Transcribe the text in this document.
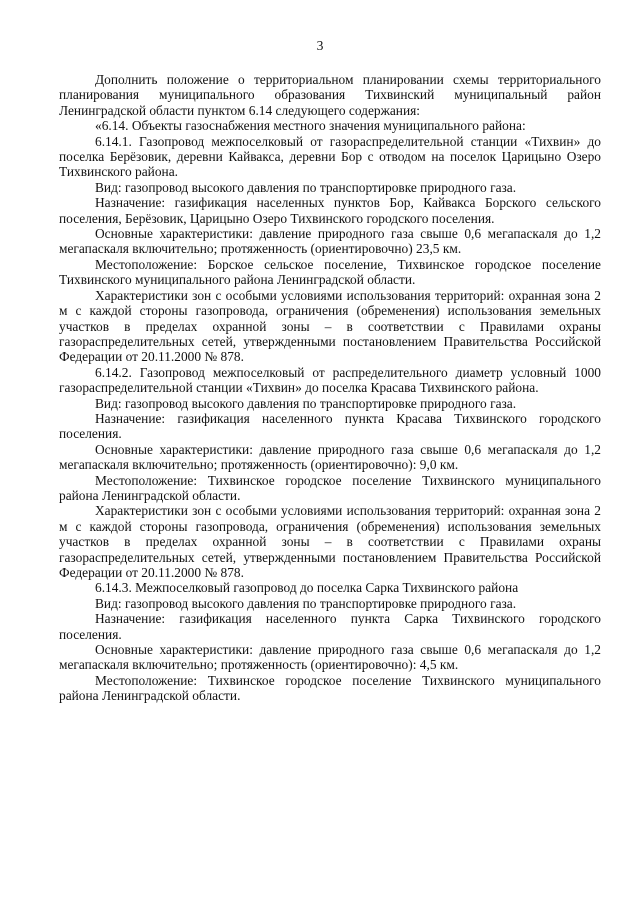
3

Дополнить положение о территориальном планировании схемы территориального планирования муниципального образования Тихвинский муниципальный район Ленинградской области пунктом 6.14 следующего содержания:

«6.14. Объекты газоснабжения местного значения муниципального района:

6.14.1. Газопровод межпоселковый от газораспределительной станции «Тихвин» до поселка Берёзовик, деревни Кайвакса, деревни Бор с отводом на поселок Царицыно Озеро Тихвинского района.

Вид: газопровод высокого давления по транспортировке природного газа.

Назначение: газификация населенных пунктов Бор, Кайвакса Борского сельского поселения, Берёзовик, Царицыно Озеро Тихвинского городского поселения.

Основные характеристики: давление природного газа свыше 0,6 мегапаскаля до 1,2 мегапаскаля включительно; протяженность (ориентировочно) 23,5 км.

Местоположение: Борское сельское поселение, Тихвинское городское поселение Тихвинского муниципального района Ленинградской области.

Характеристики зон с особыми условиями использования территорий: охранная зона 2 м с каждой стороны газопровода, ограничения (обременения) использования земельных участков в пределах охранной зоны – в соответствии с Правилами охраны газораспределительных сетей, утвержденными постановлением Правительства Российской Федерации от 20.11.2000 № 878.

6.14.2. Газопровод межпоселковый от распределительного диаметр условный 1000 газораспределительной станции «Тихвин» до поселка Красава Тихвинского района.

Вид: газопровод высокого давления по транспортировке природного газа.

Назначение: газификация населенного пункта Красава Тихвинского городского поселения.

Основные характеристики: давление природного газа свыше 0,6 мегапаскаля до 1,2 мегапаскаля включительно; протяженность (ориентировочно): 9,0 км.

Местоположение: Тихвинское городское поселение Тихвинского муниципального района Ленинградской области.

Характеристики зон с особыми условиями использования территорий: охранная зона 2 м с каждой стороны газопровода, ограничения (обременения) использования земельных участков в пределах охранной зоны – в соответствии с Правилами охраны газораспределительных сетей, утвержденными постановлением Правительства Российской Федерации от 20.11.2000 № 878.

6.14.3. Межпоселковый газопровод до поселка Сарка Тихвинского района

Вид: газопровод высокого давления по транспортировке природного газа.

Назначение: газификация населенного пункта Сарка Тихвинского городского поселения.

Основные характеристики: давление природного газа свыше 0,6 мегапаскаля до 1,2 мегапаскаля включительно; протяженность (ориентировочно): 4,5 км.

Местоположение: Тихвинское городское поселение Тихвинского муниципального района Ленинградской области.
